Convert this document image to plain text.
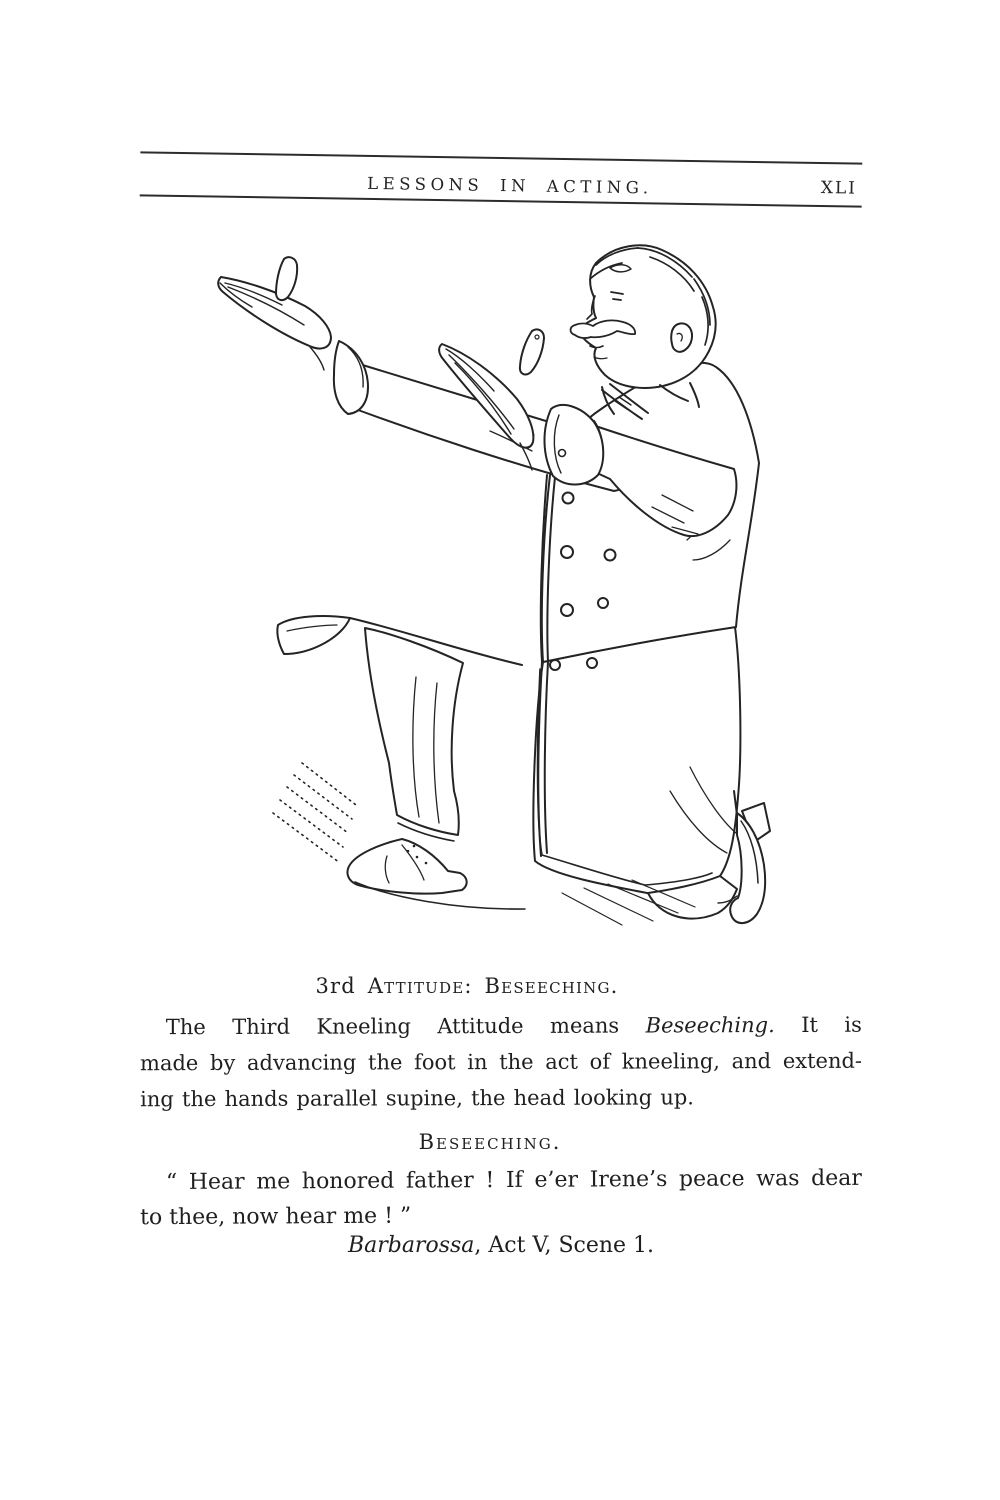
LESSONS IN ACTING.	XLI
3rd Attitude: Beseeching.

The Third Kneeling Attitude means Beseeching. It is
made by advancing the foot in the act of kneeling, and extend-
ing the hands parallel supine, the head looking up.

Beseeching.
“ Hear me honored father ! If e’er Irene’s peace was dear
to thee, now hear me ! ”
Barbarossa, Act V, Scene 1.
